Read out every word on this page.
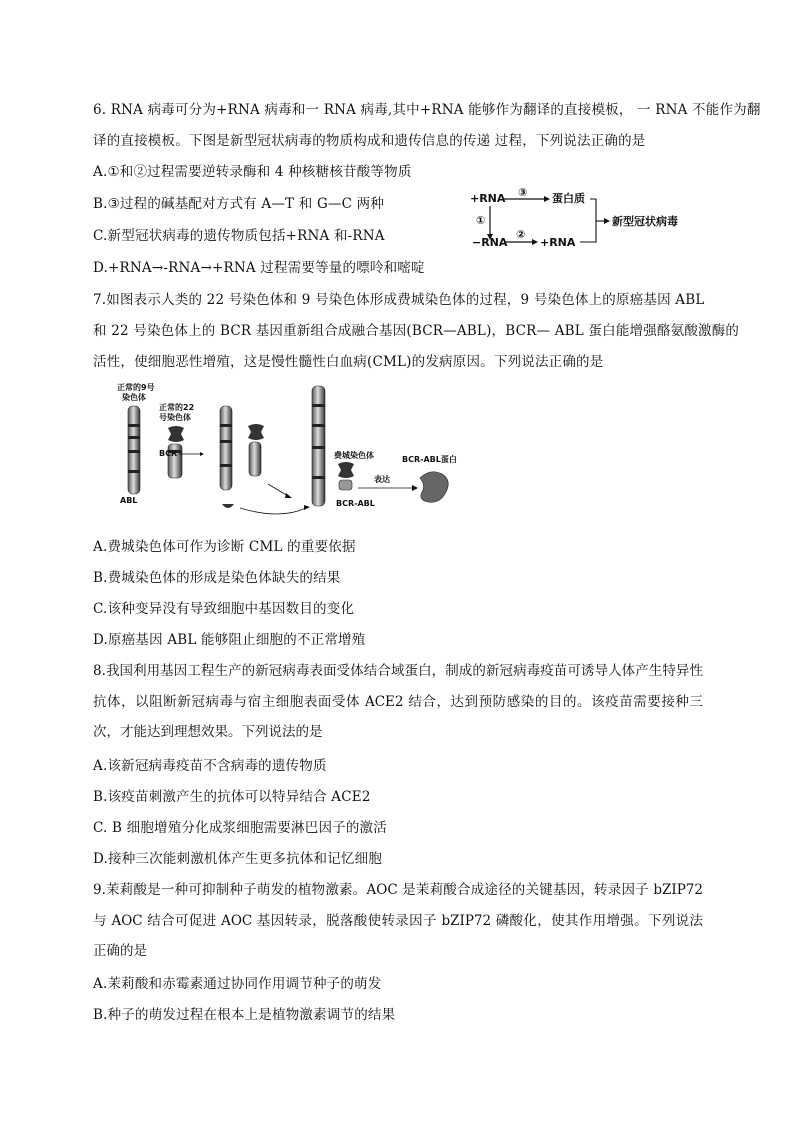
6. RNA 病毒可分为+RNA 病毒和一 RNA 病毒,其中+RNA 能够作为翻译的直接模板， 一 RNA 不能作为翻
译的直接模板。下图是新型冠状病毒的物质构成和遗传信息的传递 过程，下列说法正确的是
A.①和②过程需要逆转录酶和 4 种核糖核苷酸等物质
B.③过程的碱基配对方式有 A—T 和 G—C 两种
C.新型冠状病毒的遗传物质包括+RNA 和-RNA
D.+RNA→-RNA→+RNA 过程需要等量的嘌呤和嘧啶
+RNA ③ 蛋白质
①
−RNA
②
+RNA
新型冠状病毒
7.如图表示人类的 22 号染色体和 9 号染色体形成费城染色体的过程，9 号染色体上的原癌基因 ABL
和 22 号染色体上的 BCR 基因重新组合成融合基因(BCR—ABL)，BCR— ABL 蛋白能增强酪氨酸激酶的
活性，使细胞恶性增殖，这是慢性髓性白血病(CML)的发病原因。下列说法正确的是
正常的9号
染色体
正常的22
号染色体
ABL
BCR	费城染色体
BCR-ABL
表达
BCR-ABL蛋白
A.费城染色体可作为诊断 CML 的重要依据
B.费城染色体的形成是染色体缺失的结果
C.该种变异没有导致细胞中基因数目的变化
D.原癌基因 ABL 能够阻止细胞的不正常增殖
8.我国利用基因工程生产的新冠病毒表面受体结合域蛋白，制成的新冠病毒疫苗可诱导人体产生特异性抗体，以阻断新冠病毒与宿主细胞表面受体 ACE2 结合，达到预防感染的目的。该疫苗需要接种三次，才能达到理想效果。下列说法的是
A.该新冠病毒疫苗不含病毒的遗传物质
B.该疫苗刺激产生的抗体可以特异结合 ACE2
C. B 细胞增殖分化成浆细胞需要淋巴因子的激活
D.接种三次能刺激机体产生更多抗体和记忆细胞
9.茉莉酸是一种可抑制种子萌发的植物激素。AOC 是茉莉酸合成途径的关键基因，转录因子 bZIP72 与 AOC 结合可促进 AOC 基因转录，脱落酸使转录因子 bZIP72 磷酸化，使其作用增强。下列说法正确的是
A.茉莉酸和赤霉素通过协同作用调节种子的萌发
B.种子的萌发过程在根本上是植物激素调节的结果
